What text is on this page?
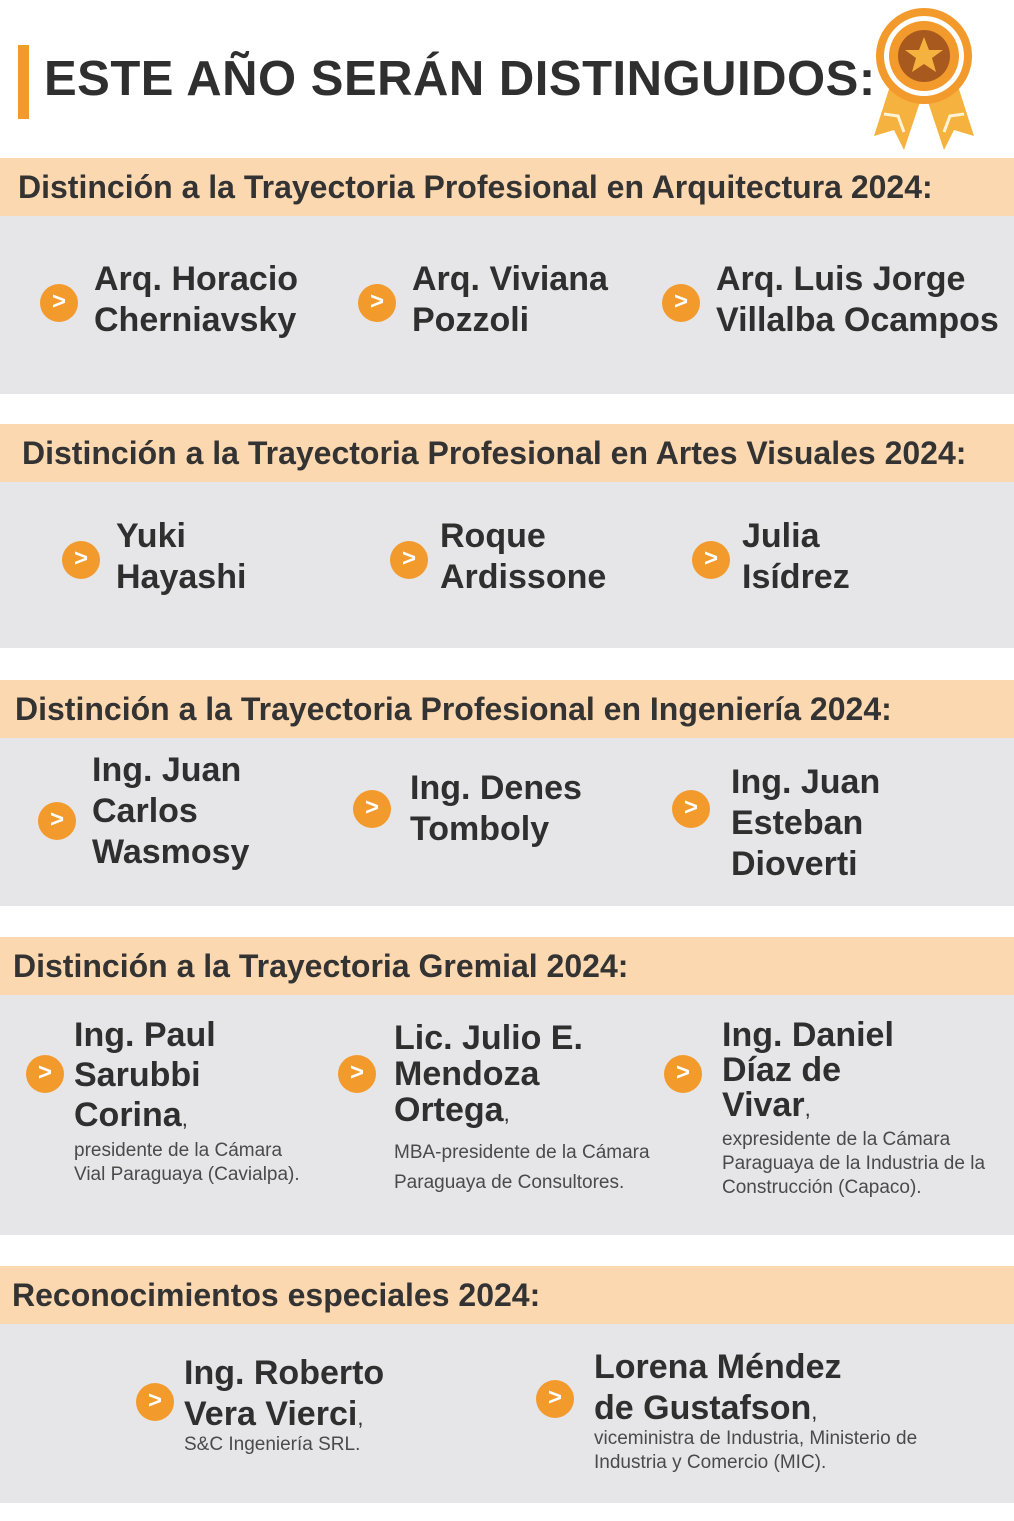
ESTE AÑO SERÁN DISTINGUIDOS:
Distinción a la Trayectoria Profesional en Arquitectura 2024:
>
Arq. Horacio
Cherniavsky	>
Arq. Viviana
Pozzoli	>
Arq. Luis Jorge
Villalba Ocampos
Distinción a la Trayectoria Profesional en Artes Visuales 2024:
>
Yuki
Hayashi	>
Roque
Ardissone	>
Julia
Isídrez
Distinción a la Trayectoria Profesional en Ingeniería 2024:
>
Ing. Juan
Carlos
Wasmosy
>
Ing. Denes
Tomboly
>
Ing. Juan
Esteban
Dioverti
Distinción a la Trayectoria Gremial 2024:
>
Ing. Paul
Sarubbi
Corina,
presidente de la Cámara
Vial Paraguaya (Cavialpa).
>
Lic. Julio E.
Mendoza
Ortega,
MBA-presidente de la Cámara
Paraguaya de Consultores.
>
Ing. Daniel
Díaz de
Vivar,
expresidente de la Cámara
Paraguaya de la Industria de la
Construcción (Capaco).
Reconocimientos especiales 2024:
>
Ing. Roberto
Vera Vierci,
S&C Ingeniería SRL.
>
Lorena Méndez
de Gustafson,
viceministra de Industria, Ministerio de
Industria y Comercio (MIC).
